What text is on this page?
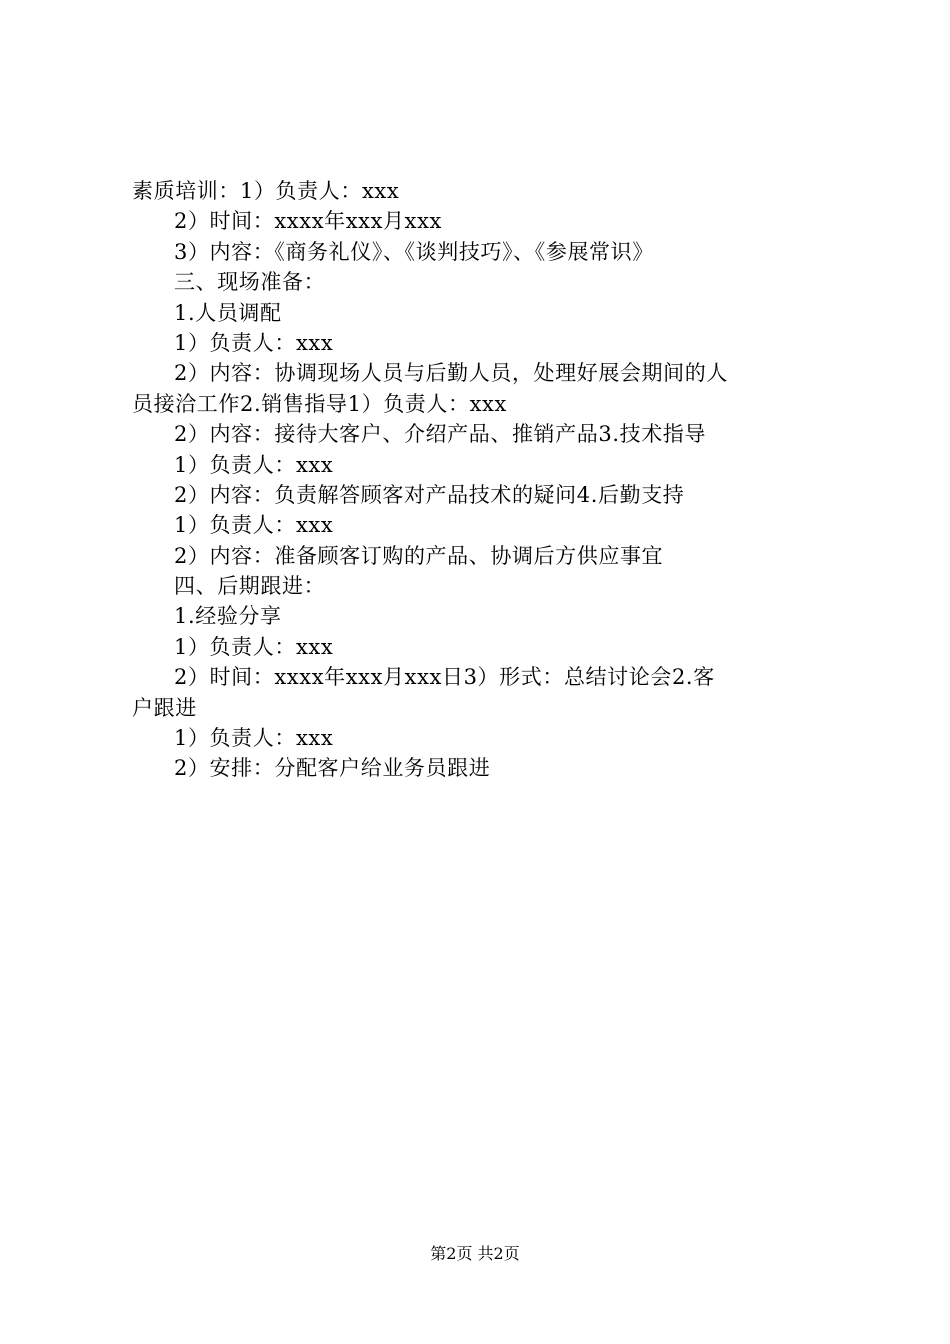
素质培训：1）负责人：xxx
2）时间：xxxx年xxx月xxx
3）内容：《商务礼仪》、《谈判技巧》、《参展常识》
三、现场准备：
1.人员调配
1）负责人：xxx
2）内容：协调现场人员与后勤人员，处理好展会期间的人
员接洽工作2.销售指导1）负责人：xxx
2）内容：接待大客户、介绍产品、推销产品3.技术指导
1）负责人：xxx
2）内容：负责解答顾客对产品技术的疑问4.后勤支持
1）负责人：xxx
2）内容：准备顾客订购的产品、协调后方供应事宜
四、后期跟进：
1.经验分享
1）负责人：xxx
2）时间：xxxx年xxx月xxx日3）形式：总结讨论会2.客
户跟进
1）负责人：xxx
2）安排：分配客户给业务员跟进
第2页 共2页
